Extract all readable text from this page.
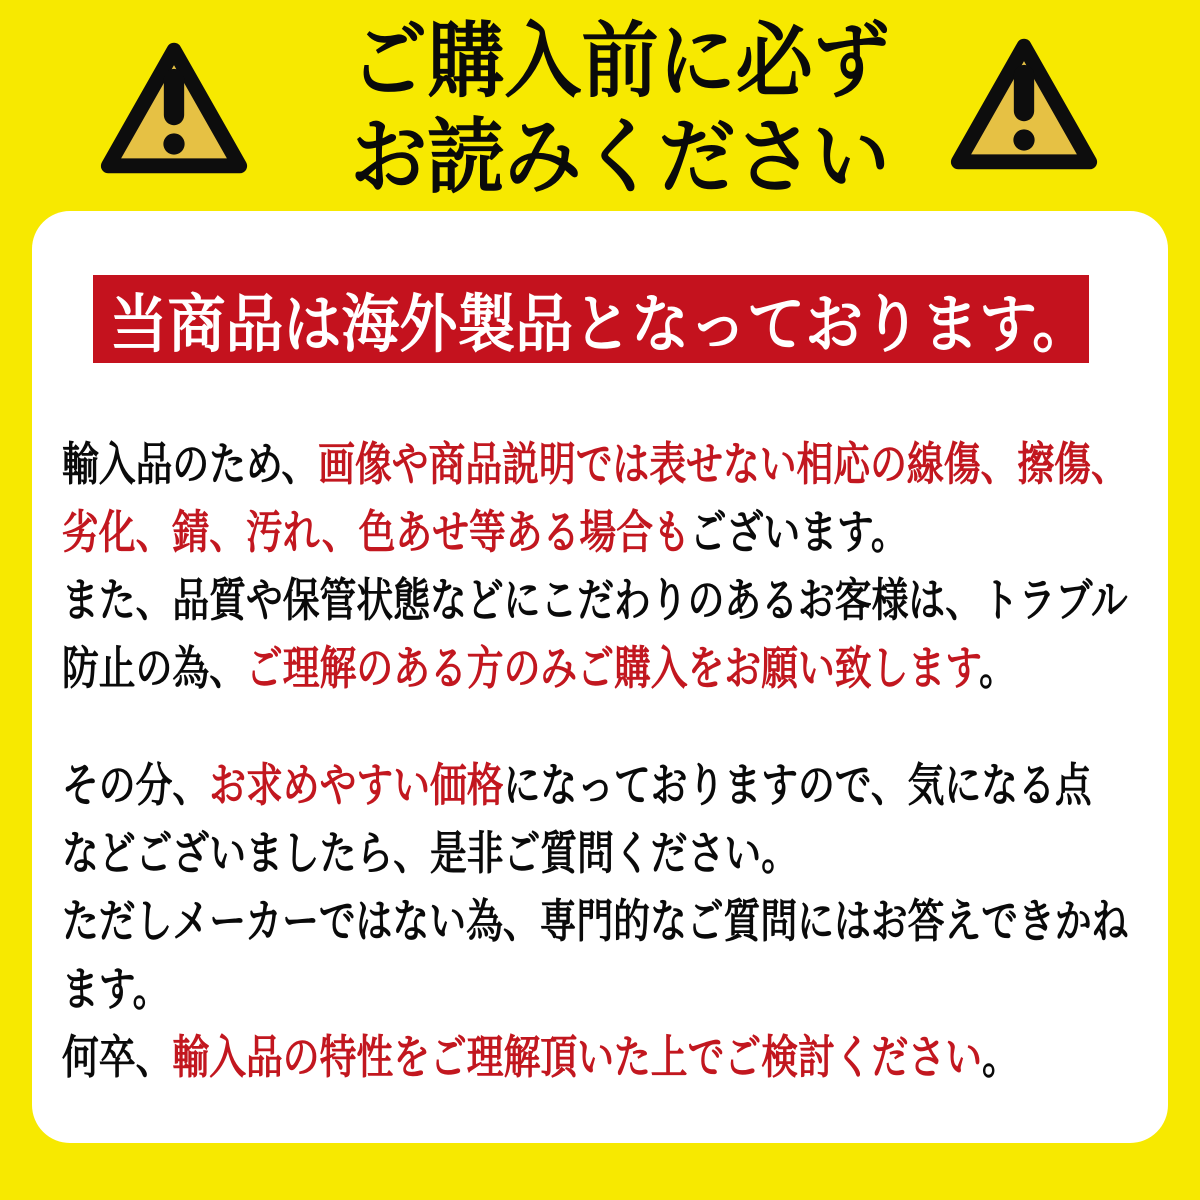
ご購入前に必ず
お読みください
当商品は海外製品となっております。
輸入品のため、画像や商品説明では表せない相応の線傷、擦傷、
劣化、錆、汚れ、色あせ等ある場合もございます。
また、品質や保管状態などにこだわりのあるお客様は、トラブル
防止の為、ご理解のある方のみご購入をお願い致します。
その分、お求めやすい価格になっておりますので、気になる点
などございましたら、是非ご質問ください。
ただしメーカーではない為、専門的なご質問にはお答えできかね
ます。
何卒、輸入品の特性をご理解頂いた上でご検討ください。
